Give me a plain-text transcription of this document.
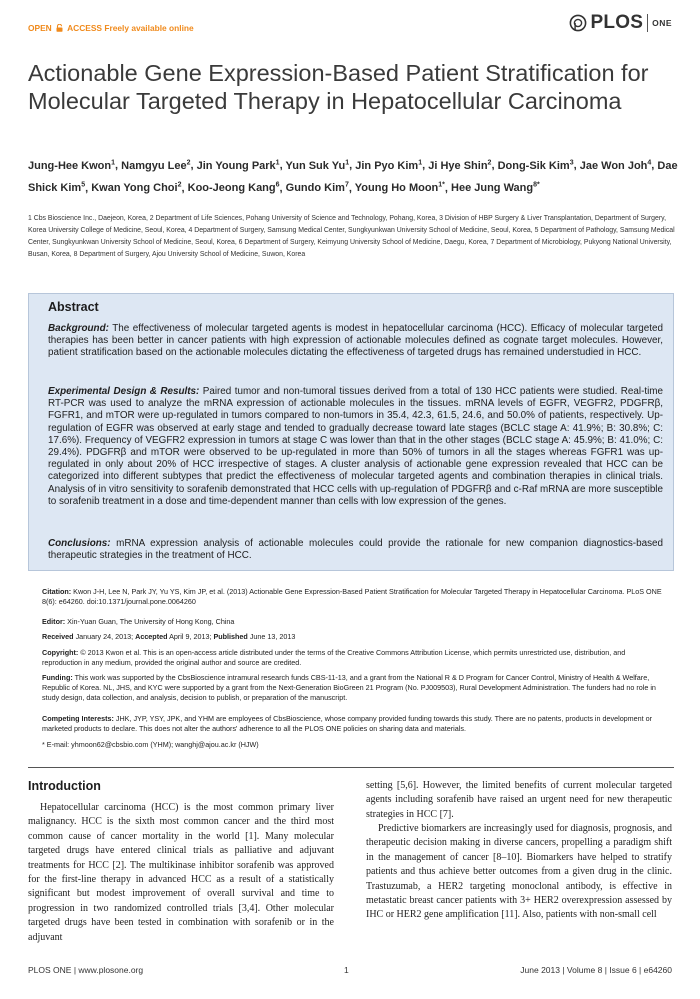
OPEN ACCESS Freely available online	PLOS ONE
Actionable Gene Expression-Based Patient Stratification for Molecular Targeted Therapy in Hepatocellular Carcinoma
Jung-Hee Kwon$^1$, Namgyu Lee$^2$, Jin Young Park$^1$, Yun Suk Yu$^1$, Jin Pyo Kim$^1$, Ji Hye Shin$^2$, Dong-Sik Kim$^3$, Jae Won Joh$^4$, Dae Shick Kim$^5$, Kwan Yong Choi$^2$, Koo-Jeong Kang$^6$, Gundo Kim$^7$, Young Ho Moon$^{1*}$, Hee Jung Wang$^{8*}$
1 Cbs Bioscience Inc., Daejeon, Korea, 2 Department of Life Sciences, Pohang University of Science and Technology, Pohang, Korea, 3 Division of HBP Surgery & Liver Transplantation, Department of Surgery, Korea University College of Medicine, Seoul, Korea, 4 Department of Surgery, Samsung Medical Center, Sungkyunkwan University School of Medicine, Seoul, Korea, 5 Department of Pathology, Samsung Medical Center, Sungkyunkwan University School of Medicine, Seoul, Korea, 6 Department of Surgery, Keimyung University School of Medicine, Daegu, Korea, 7 Department of Microbiology, Pukyong National University, Busan, Korea, 8 Department of Surgery, Ajou University School of Medicine, Suwon, Korea
Abstract

Background: The effectiveness of molecular targeted agents is modest in hepatocellular carcinoma (HCC). Efficacy of molecular targeted therapies has been better in cancer patients with high expression of actionable molecules defined as cognate target molecules. However, patient stratification based on the actionable molecules dictating the effectiveness of targeted drugs has remained understudied in HCC.

Experimental Design & Results: Paired tumor and non-tumoral tissues derived from a total of 130 HCC patients were studied. Real-time RT-PCR was used to analyze the mRNA expression of actionable molecules in the tissues. mRNA levels of EGFR, VEGFR2, PDGFRβ, FGFR1, and mTOR were up-regulated in tumors compared to non-tumors in 35.4, 42.3, 61.5, 24.6, and 50.0% of patients, respectively. Up-regulation of EGFR was observed at early stage and tended to gradually decrease toward late stages (BCLC stage A: 41.9%; B: 30.8%; C: 17.6%). Frequency of VEGFR2 expression in tumors at stage C was lower than that in the other stages (BCLC stage A: 45.9%; B: 41.0%; C: 29.4%). PDGFRβ and mTOR were observed to be up-regulated in more than 50% of tumors in all the stages whereas FGFR1 was up-regulated in only about 20% of HCC irrespective of stages. A cluster analysis of actionable gene expression revealed that HCC can be categorized into different subtypes that predict the effectiveness of molecular targeted agents and combination therapies in clinical trials. Analysis of in vitro sensitivity to sorafenib demonstrated that HCC cells with up-regulation of PDGFRβ and c-Raf mRNA are more susceptible to sorafenib treatment in a dose and time-dependent manner than cells with low expression of the genes.

Conclusions: mRNA expression analysis of actionable molecules could provide the rationale for new companion diagnostics-based therapeutic strategies in the treatment of HCC.

Citation: Kwon J-H, Lee N, Park JY, Yu YS, Kim JP, et al. (2013) Actionable Gene Expression-Based Patient Stratification for Molecular Targeted Therapy in Hepatocellular Carcinoma. PLoS ONE 8(6): e64260. doi:10.1371/journal.pone.0064260

Editor: Xin-Yuan Guan, The University of Hong Kong, China

Received January 24, 2013; Accepted April 9, 2013; Published June 13, 2013

Copyright: © 2013 Kwon et al. This is an open-access article distributed under the terms of the Creative Commons Attribution License, which permits unrestricted use, distribution, and reproduction in any medium, provided the original author and source are credited.

Funding: This work was supported by the CbsBioscience intramural research funds CBS-11-13, and a grant from the National R & D Program for Cancer Control, Ministry of Health & Welfare, Republic of Korea. NL, JHS, and KYC were supported by a grant from the Next-Generation BioGreen 21 Program (No. PJ009503), Rural Development Administration. The funders had no role in study design, data collection, and analysis, decision to publish, or preparation of the manuscript.

Competing Interests: JHK, JYP, YSY, JPK, and YHM are employees of CbsBioscience, whose company provided funding towards this study. There are no patents, products in development or marketed products to declare. This does not alter the authors' adherence to all the PLOS ONE policies on sharing data and materials.

* E-mail: yhmoon62@cbsbio.com (YHM); wanghj@ajou.ac.kr (HJW)

Introduction

Hepatocellular carcinoma (HCC) is the most common primary liver malignancy. HCC is the sixth most common cancer and the third most common cause of cancer mortality in the world [1]. Many molecular targeted drugs have entered clinical trials as palliative and adjuvant treatments for HCC [2]. The multikinase inhibitor sorafenib was approved for the first-line therapy in advanced HCC as a result of a statistically significant but modest improvement of overall survival and time to progression in two randomized controlled trials [3,4]. Other molecular targeted drugs have been tested in combination with sorafenib or in the adjuvant

setting [5,6]. However, the limited benefits of current molecular targeted agents including sorafenib have raised an urgent need for new therapeutic strategies in HCC [7].

Predictive biomarkers are increasingly used for diagnosis, prognosis, and therapeutic decision making in diverse cancers, propelling a paradigm shift in the management of cancer [8–10]. Biomarkers have helped to stratify patients and thus achieve better outcomes from a given drug in the clinic. Trastuzumab, a HER2 targeting monoclonal antibody, is effective in metastatic breast cancer patients with 3+ HER2 overexpression assessed by IHC or HER2 gene amplification [11]. Also, patients with non-small cell

PLOS ONE | www.plosone.org	1	June 2013 | Volume 8 | Issue 6 | e64260
